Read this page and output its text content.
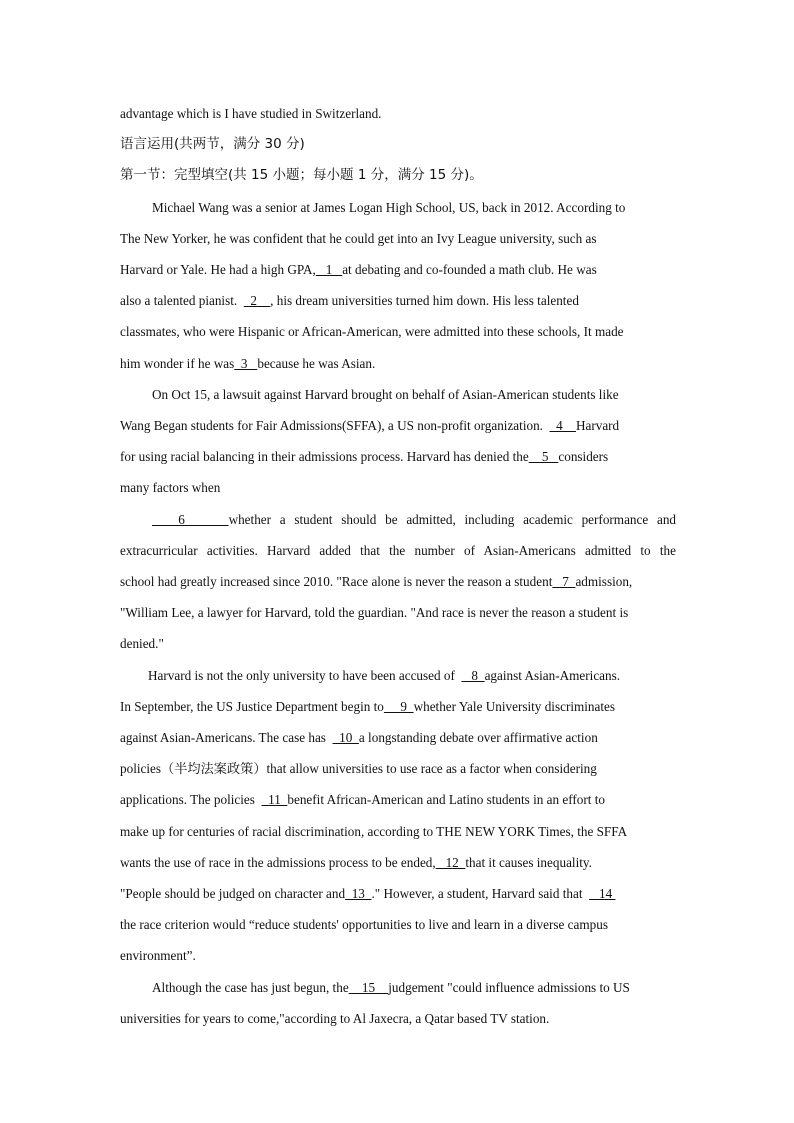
advantage which is I have studied in Switzerland.

语言运用(共两节，满分 30 分)

第一节：完型填空(共 15 小题；每小题 1 分，满分 15 分)。

Michael Wang was a senior at James Logan High School, US, back in 2012. According to

The New Yorker, he was confident that he could get into an Ivy League university, such as

Harvard or Yale. He had a high GPA,   1   at debating and co-founded a math club. He was

also a talented pianist.    2    , his dream universities turned him down. His less talented

classmates, who were Hispanic or African-American, were admitted into these schools, It made

him wonder if he was  3   because he was Asian.

On Oct 15, a lawsuit against Harvard brought on behalf of Asian-American students like

Wang Began students for Fair Admissions(SFFA), a US non-profit organization.    4    Harvard

for using racial balancing in their admissions process. Harvard has denied the    5   considers

many factors when

6     whether a student should be admitted, including academic performance and

extracurricular activities. Harvard added that the number of Asian-Americans admitted to the

school had greatly increased since 2010. "Race alone is never the reason a student   7  admission,

"William Lee, a lawyer for Harvard, told the guardian. "And race is never the reason a student is

denied."

Harvard is not the only university to have been accused of     8  against Asian-Americans.

In September, the US Justice Department begin to     9  whether Yale University discriminates

against Asian-Americans. The case has    10  a longstanding debate over affirmative action

policies（半均法案政策）that allow universities to use race as a factor when considering

applications. The policies    11  benefit African-American and Latino students in an effort to

make up for centuries of racial discrimination, according to THE NEW YORK Times, the SFFA

wants the use of race in the admissions process to be ended,   12  that it causes inequality.

"People should be judged on character and  13  ." However, a student, Harvard said that     14

the race criterion would “reduce students' opportunities to live and learn in a diverse campus

environment”.

Although the case has just begun, the    15    judgement "could influence admissions to US

universities for years to come,"according to Al Jaxecra, a Qatar based TV station.
